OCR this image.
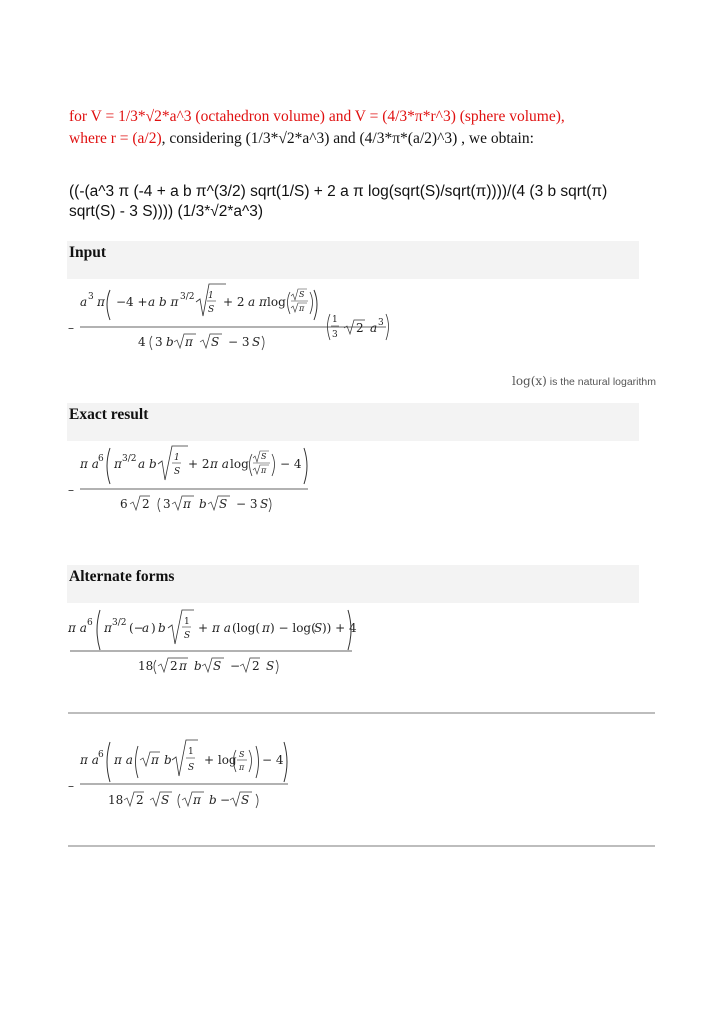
for V = 1/3*√2*a^3 (octahedron volume) and V = (4/3*π*r^3) (sphere volume),
where r = (a/2), considering (1/3*√2*a^3) and (4/3*π*(a/2)^3) , we obtain:
((-(a^3 π (-4 + a b π^(3/2) sqrt(1/S) + 2 a π log(sqrt(S)/sqrt(π))))/(4 (3 b sqrt(π) sqrt(S) - 3 S)))) (1/3*√2*a^3)
Input
–
a 3 π −4 + a b π 3/2 1
S
+ 2 a π log
S
π
4 3 b π S − 3 S
1
3 2 a 3
log(x) is the natural logarithm
Exact result
–
π a 6 π 3/2 a b 1
S
+ 2 π a log
S
π − 4
6 2 3 π b S − 3 S
Alternate forms
π a 6 π 3/2 (−
a ) b 1
S
+ π a (log( π ) − log(
S )) + 4
18 2 π b S − 2 S
–
π a 6 π a π b
1
S
+ log S
π
− 4
18 2 S π b − S
